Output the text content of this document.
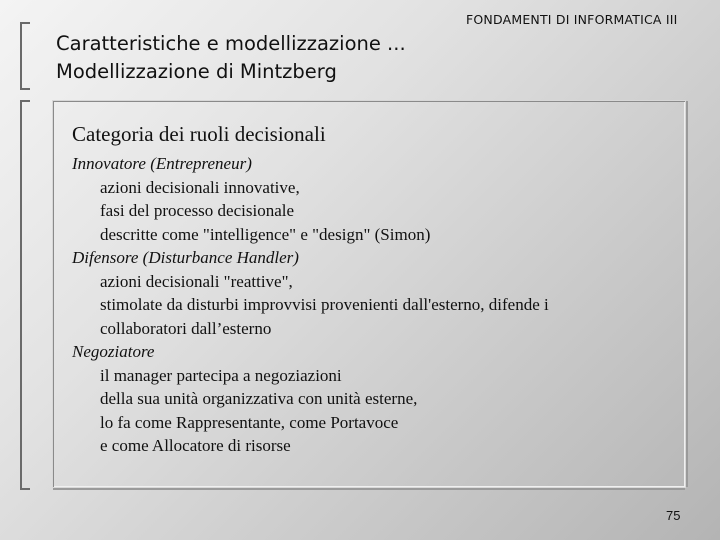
Caratteristiche e modellizzazione ...
Modellizzazione di Mintzberg
FONDAMENTI DI INFORMATICA III
Categoria dei ruoli decisionali
Innovatore (Entrepreneur)
azioni decisionali innovative,
fasi del processo decisionale
descritte come "intelligence" e "design" (Simon)
Difensore (Disturbance Handler)
azioni decisionali "reattive",
stimolate da disturbi improvvisi provenienti dall'esterno, difende i
collaboratori dall’esterno
Negoziatore
il manager partecipa a negoziazioni
della sua unità organizzativa con unità esterne,
lo fa come Rappresentante, come Portavoce
e come Allocatore di risorse
75
